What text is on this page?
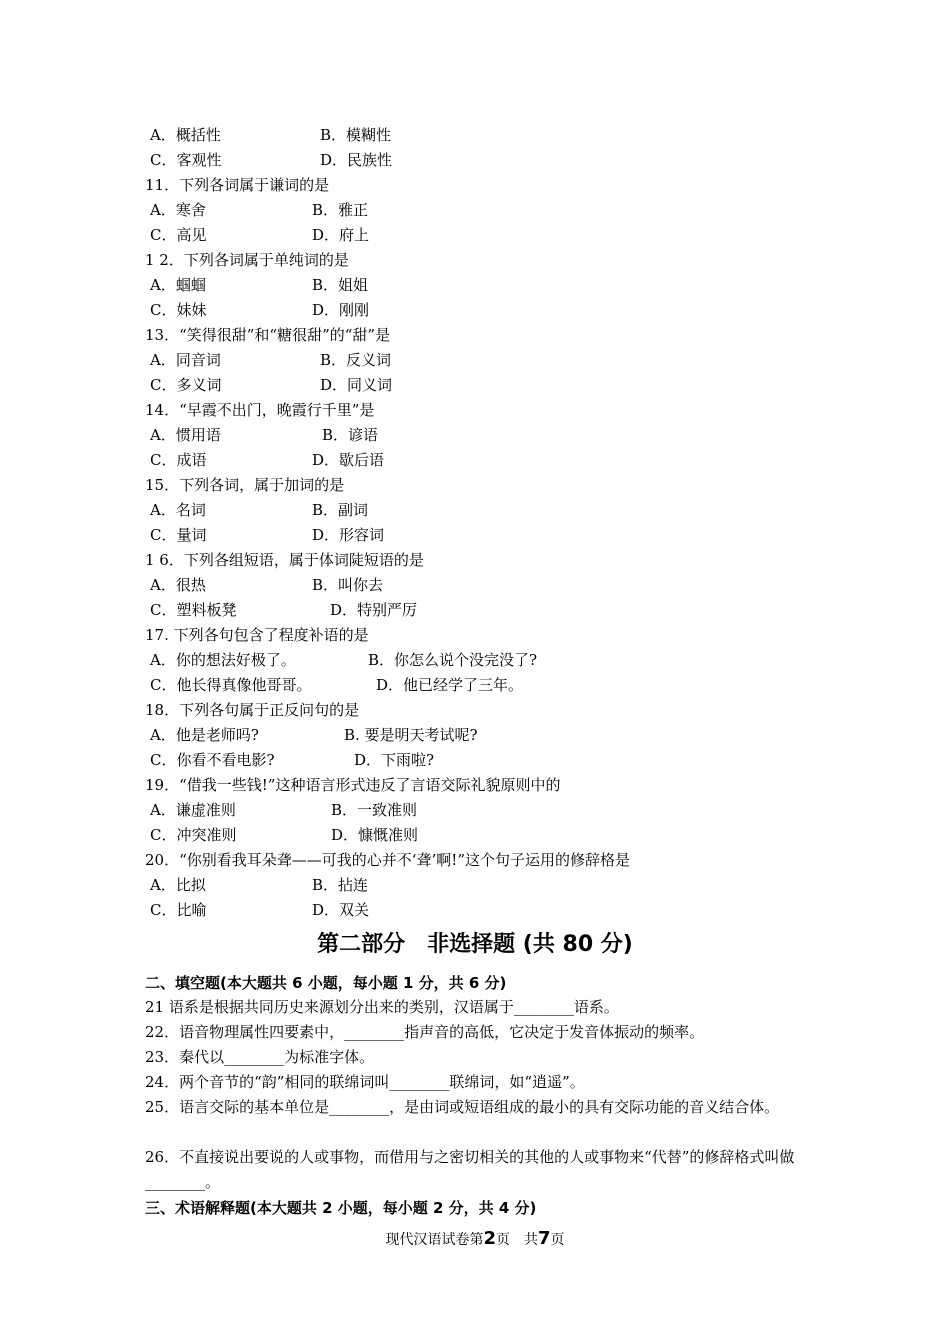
A．概括性	B．模糊性
C．客观性	D．民族性
11．下列各词属于谦词的是
A．寒舍	B．雅正
C．高见	D．府上
1 2．下列各词属于单纯词的是
A．蝈蝈	B．姐姐
C．妹妹	D．刚刚
13．“笑得很甜”和“糖很甜”的“甜”是
A．同音词	B．反义词
C．多义词	D．同义词
14．“早霞不出门，晚霞行千里”是
A．惯用语	B．谚语
C．成语	D．歇后语
15．下列各词，属于加词的是
A．名词	B．副词
C．量词	D．形容词
1 6．下列各组短语，属于体词陡短语的是
A．很热	B．叫你去
C．塑料板凳	D．特别严厉
17. 下列各句包含了程度补语的是
A．你的想法好极了。	B．你怎么说个没完没了?
C．他长得真像他哥哥。	D．他已经学了三年。
18．下列各句属于正反问句的是
A．他是老师吗?	B. 要是明天考试呢?
C．你看不看电影?	D．下雨啦?
19．“借我一些钱!”这种语言形式违反了言语交际礼貌原则中的
A．谦虚准则	B．一致准则
C．冲突准则	D．慷慨准则
20．“你别看我耳朵聋——可我的心并不‘聋’啊!”这个句子运用的修辞格是
A．比拟	B．拈连
C．比喻	D．双关
第二部分　非选择题 (共 80 分)
二、填空题(本大题共 6 小题，每小题 1 分，共 6 分)
21 语系是根据共同历史来源划分出来的类别，汉语属于________语系。
22．语音物理属性四要素中，________指声音的高低，它决定于发音体振动的频率。
23．秦代以________为标准字体。
24．两个音节的“韵”相同的联绵词叫________联绵词，如“逍遥”。
25．语言交际的基本单位是________，是由词或短语组成的最小的具有交际功能的音义结合体。
26．不直接说出要说的人或事物，而借用与之密切相关的其他的人或事物来“代替”的修辞格式叫做________。
三、术语解释题(本大题共 2 小题，每小题 2 分，共 4 分)
现代汉语试卷第2页　共7页
